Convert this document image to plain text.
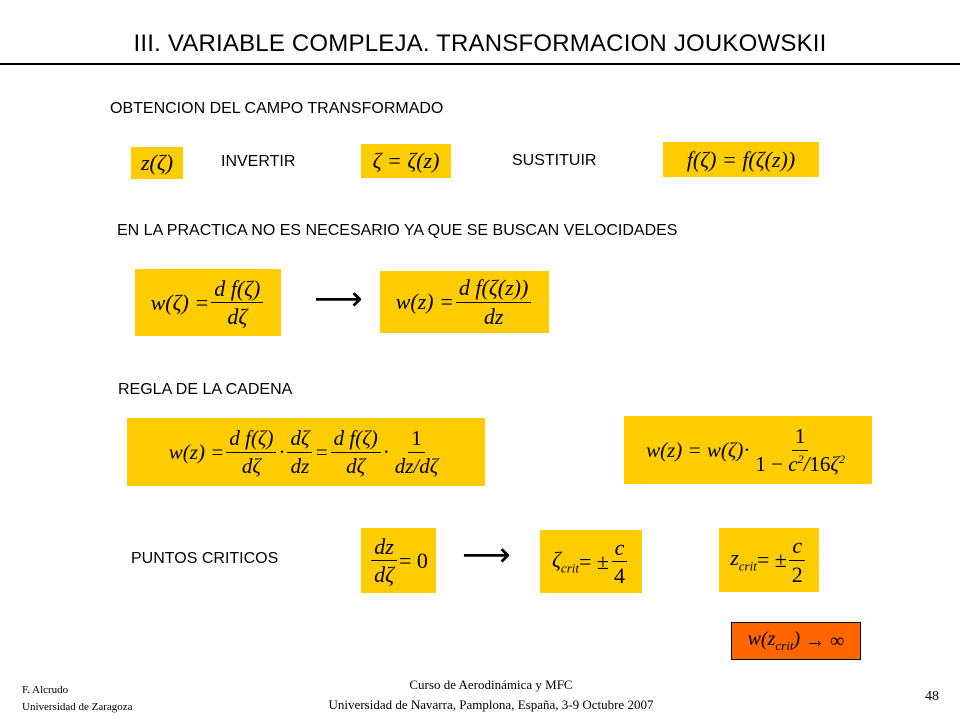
III. VARIABLE COMPLEJA. TRANSFORMACION JOUKOWSKII
OBTENCION DEL CAMPO TRANSFORMADO
z(ζ)	INVERTIR	ζ = ζ(z)	SUSTITUIR	f(ζ) = f(ζ(z))
EN LA PRACTICA NO ES NECESARIO YA QUE SE BUSCAN VELOCIDADES
$w(\zeta) = \frac{\text{d f(ζ)}}{d\zeta}$ ⟶ $w(z) = \frac{\text{d f(ζ(z))}}{dz}$
REGLA DE LA CADENA
$w(z) = \frac{\text{d f(ζ)}}{d\zeta} \cdot \frac{d\zeta}{dz} = \frac{\text{d f(ζ)}}{d\zeta} \cdot \frac{1}{dz/d\zeta}$	$w(z) = w(\zeta) \cdot \frac{1}{1 - c^2/16\zeta^2}$
PUNTOS CRITICOS	$\frac{dz}{d\zeta} = 0$ ⟶ $\zeta_{crit}$ = ± $\frac{c}{4}$	$z_{crit}$ = ± $\frac{c}{2}$
$w(z_{crit})$ → ∞
F. Alcrudo
Universidad de Zaragoza
Curso de Aerodinámica y MFC
Universidad de Navarra, Pamplona, España, 3-9 Octubre 2007
48
